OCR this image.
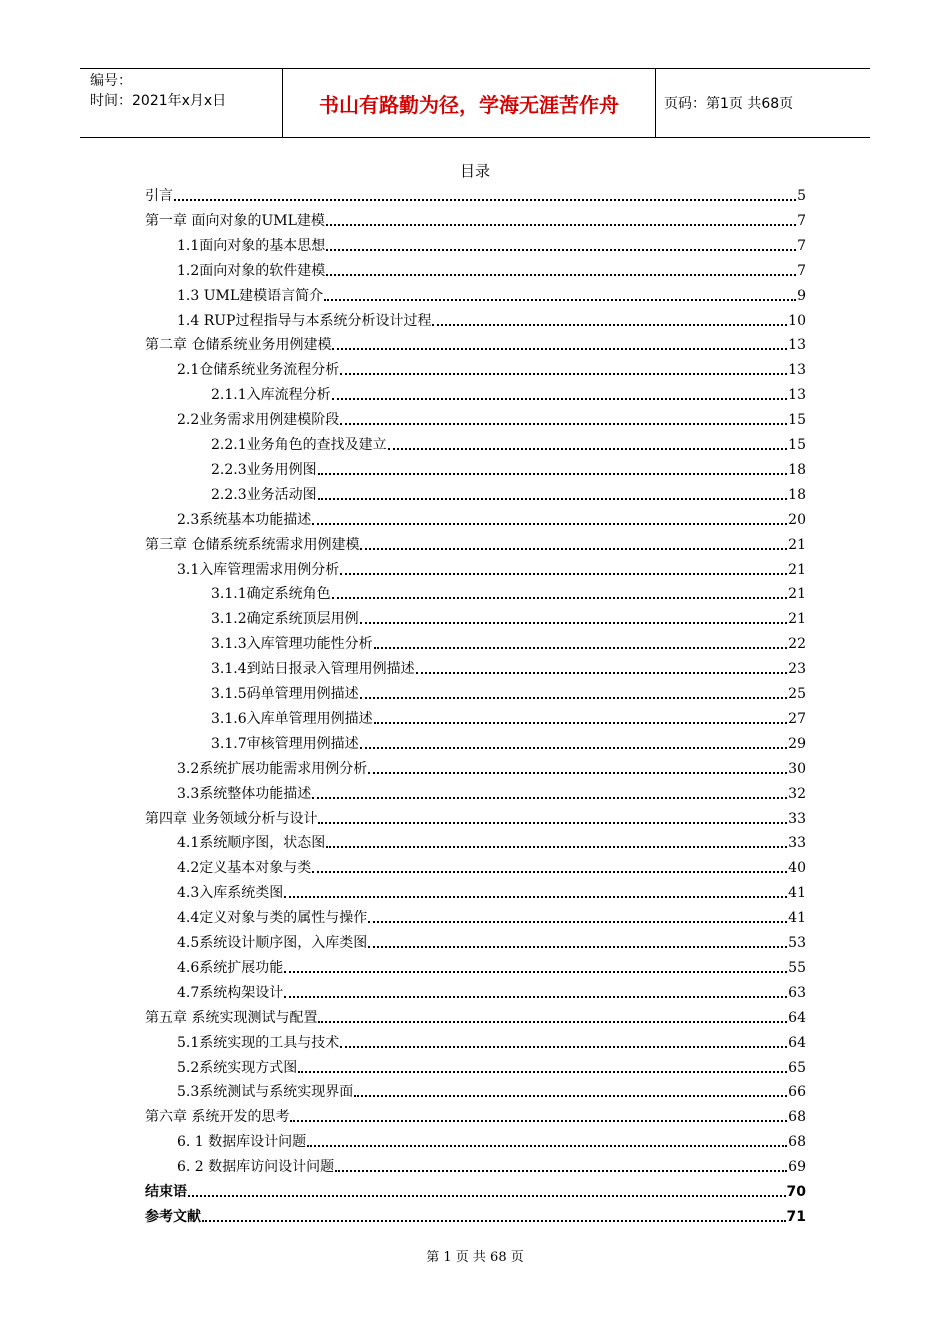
编号：
时间：2021年x月x日	书山有路勤为径，学海无涯苦作舟	页码：第1页 共68页
目录
引言	5
第一章 面向对象的UML建模	7
1.1面向对象的基本思想	7
1.2面向对象的软件建模	7
1.3 UML建模语言简介	9
1.4 RUP过程指导与本系统分析设计过程	10
第二章 仓储系统业务用例建模	13
2.1仓储系统业务流程分析	13
2.1.1入库流程分析	13
2.2业务需求用例建模阶段	15
2.2.1业务角色的查找及建立	15
2.2.3业务用例图	18
2.2.3业务活动图	18
2.3系统基本功能描述	20
第三章 仓储系统系统需求用例建模	21
3.1入库管理需求用例分析	21
3.1.1确定系统角色	21
3.1.2确定系统顶层用例	21
3.1.3入库管理功能性分析	22
3.1.4到站日报录入管理用例描述	23
3.1.5码单管理用例描述	25
3.1.6入库单管理用例描述	27
3.1.7审核管理用例描述	29
3.2系统扩展功能需求用例分析	30
3.3系统整体功能描述	32
第四章 业务领域分析与设计	33
4.1系统顺序图，状态图	33
4.2定义基本对象与类	40
4.3入库系统类图	41
4.4定义对象与类的属性与操作	41
4.5系统设计顺序图，入库类图	53
4.6系统扩展功能	55
4.7系统构架设计	63
第五章 系统实现测试与配置	64
5.1系统实现的工具与技术	64
5.2系统实现方式图	65
5.3系统测试与系统实现界面	66
第六章 系统开发的思考	68
6. 1 数据库设计问题	68
6. 2 数据库访问设计问题	69
结束语	70
参考文献	71
第 1 页 共 68 页
